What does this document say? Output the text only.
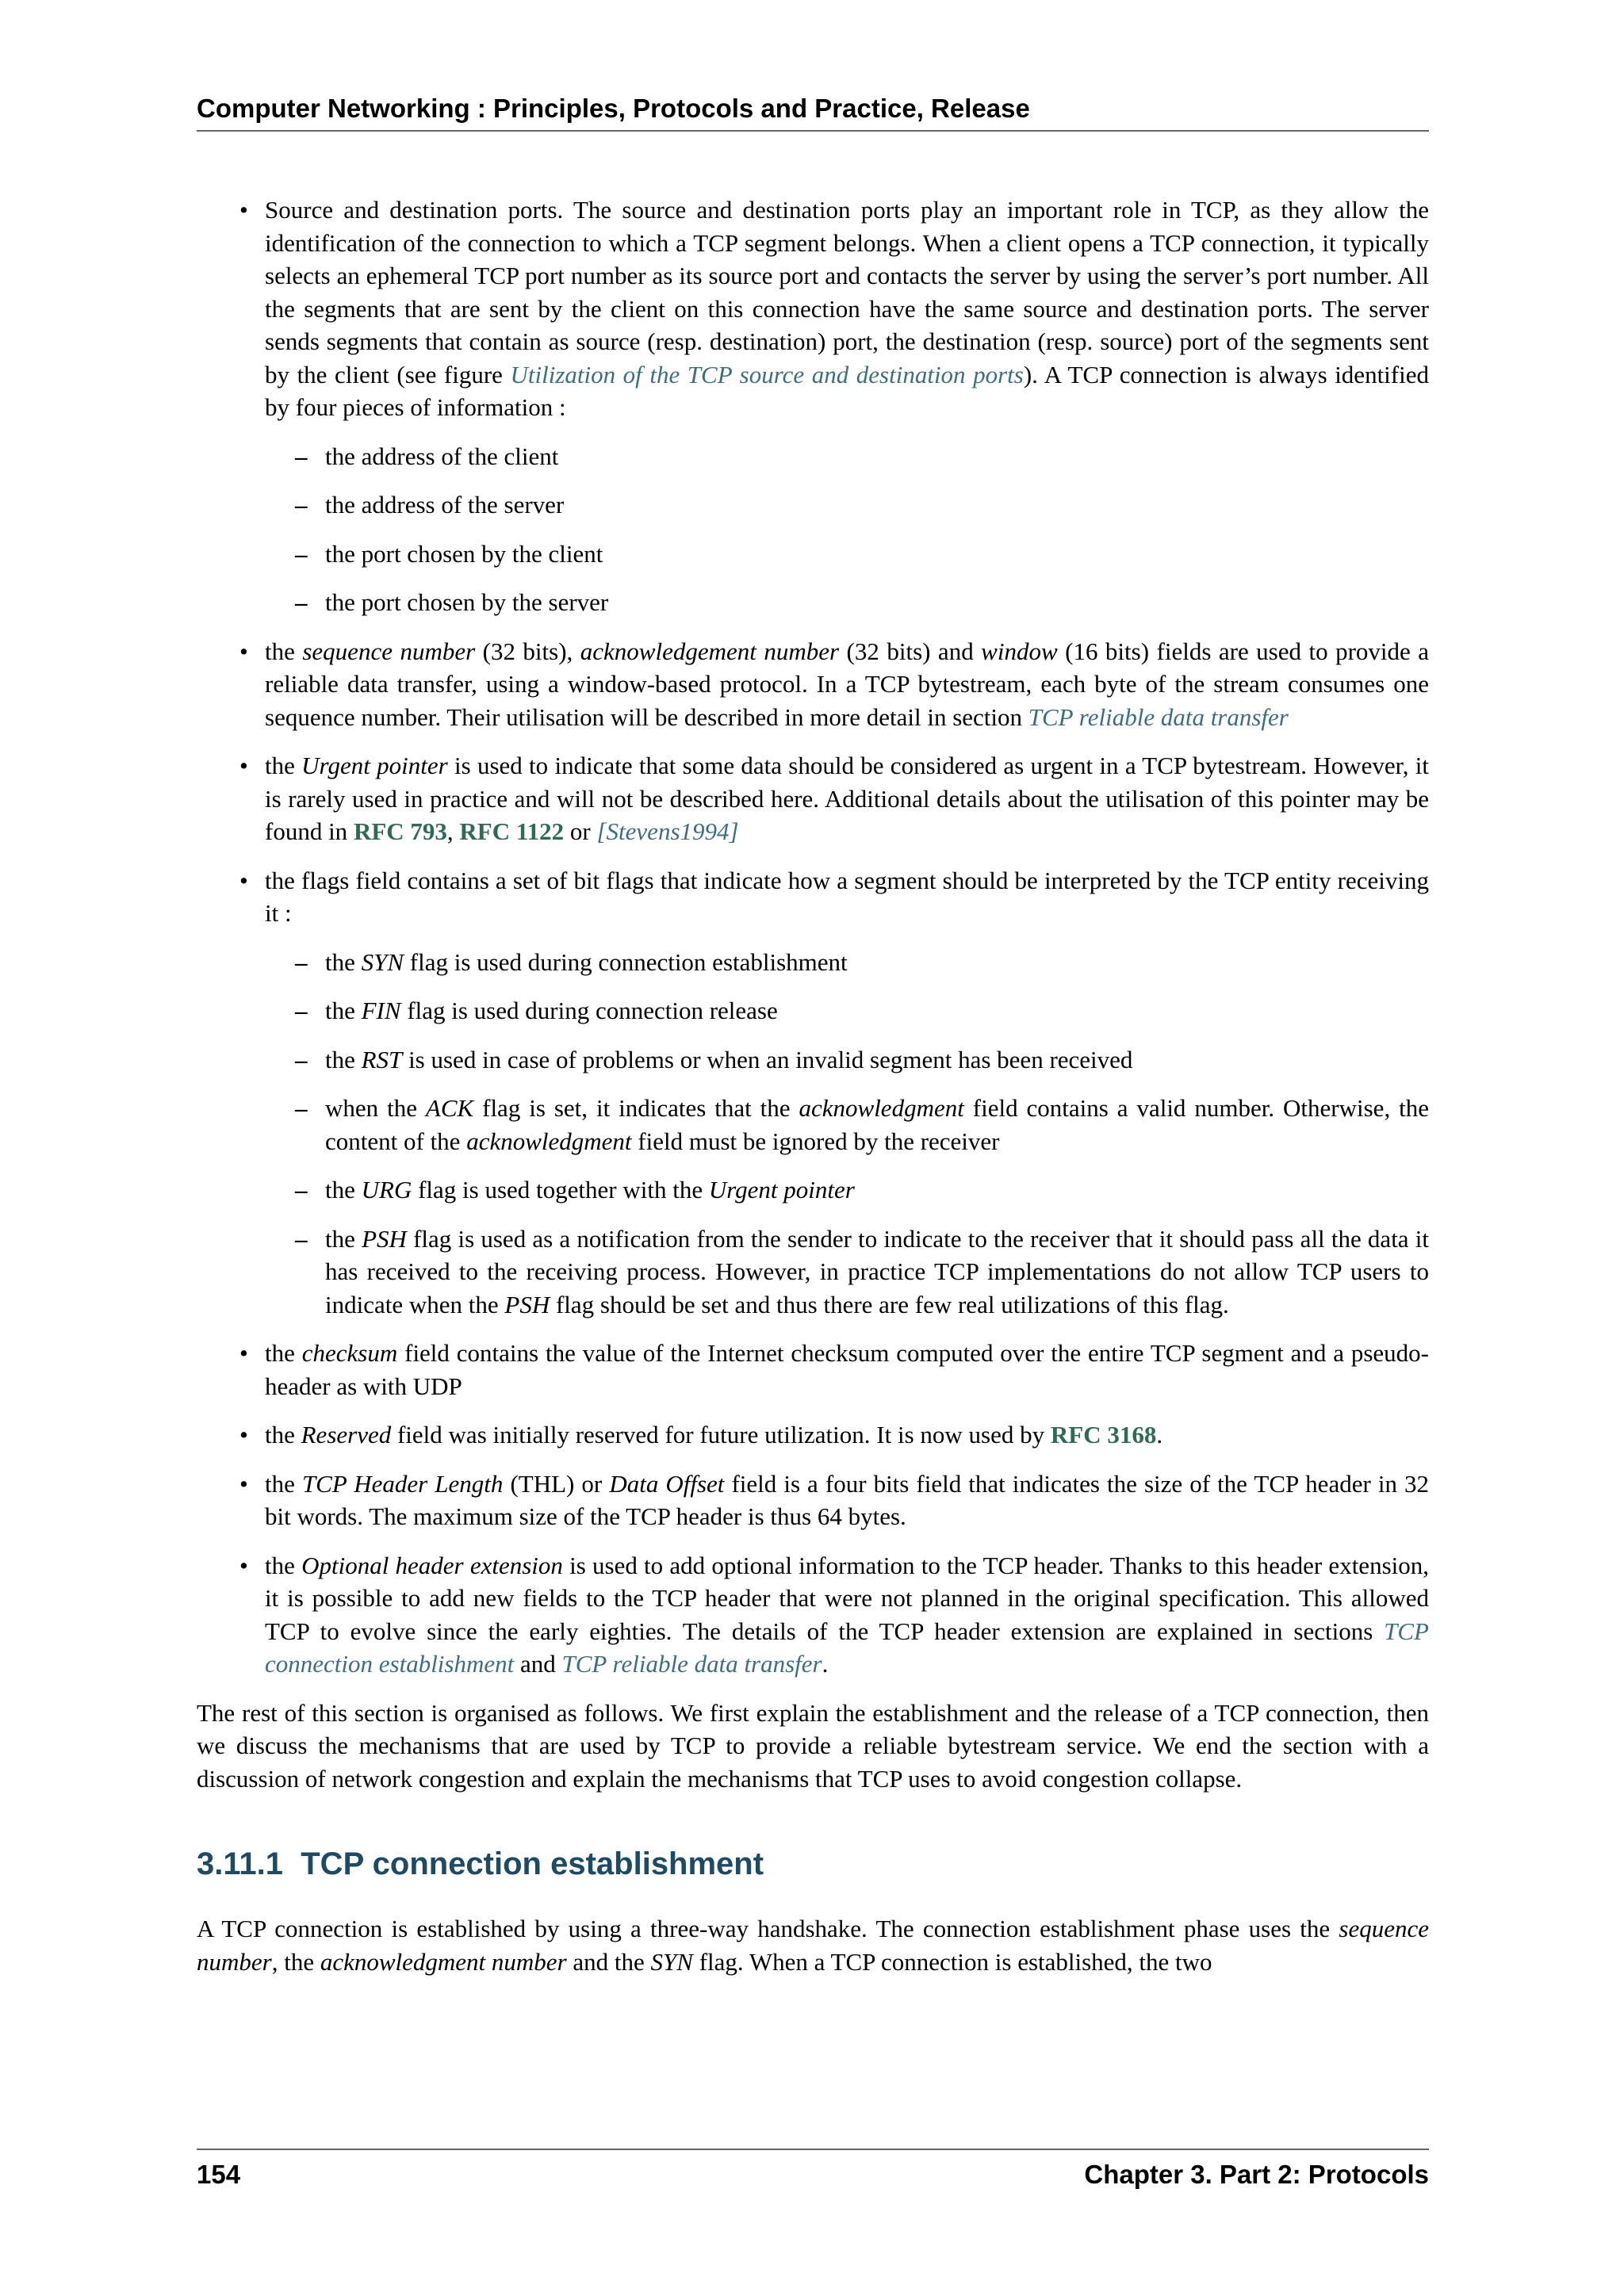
Computer Networking : Principles, Protocols and Practice, Release
• Source and destination ports. The source and destination ports play an important role in TCP, as they allow the identification of the connection to which a TCP segment belongs. When a client opens a TCP connection, it typically selects an ephemeral TCP port number as its source port and contacts the server by using the server’s port number. All the segments that are sent by the client on this connection have the same source and destination ports. The server sends segments that contain as source (resp. destination) port, the destination (resp. source) port of the segments sent by the client (see figure Utilization of the TCP source and destination ports). A TCP connection is always identified by four pieces of information :
– the address of the client
– the address of the server
– the port chosen by the client
– the port chosen by the server
• the sequence number (32 bits), acknowledgement number (32 bits) and window (16 bits) fields are used to provide a reliable data transfer, using a window-based protocol. In a TCP bytestream, each byte of the stream consumes one sequence number. Their utilisation will be described in more detail in section TCP reliable data transfer
• the Urgent pointer is used to indicate that some data should be considered as urgent in a TCP bytestream. However, it is rarely used in practice and will not be described here. Additional details about the utilisation of this pointer may be found in RFC 793, RFC 1122 or [Stevens1994]
• the flags field contains a set of bit flags that indicate how a segment should be interpreted by the TCP entity receiving it :
– the SYN flag is used during connection establishment
– the FIN flag is used during connection release
– the RST is used in case of problems or when an invalid segment has been received
– when the ACK flag is set, it indicates that the acknowledgment field contains a valid number. Otherwise, the content of the acknowledgment field must be ignored by the receiver
– the URG flag is used together with the Urgent pointer
– the PSH flag is used as a notification from the sender to indicate to the receiver that it should pass all the data it has received to the receiving process. However, in practice TCP implementations do not allow TCP users to indicate when the PSH flag should be set and thus there are few real utilizations of this flag.
• the checksum field contains the value of the Internet checksum computed over the entire TCP segment and a pseudo-header as with UDP
• the Reserved field was initially reserved for future utilization. It is now used by RFC 3168.
• the TCP Header Length (THL) or Data Offset field is a four bits field that indicates the size of the TCP header in 32 bit words. The maximum size of the TCP header is thus 64 bytes.
• the Optional header extension is used to add optional information to the TCP header. Thanks to this header extension, it is possible to add new fields to the TCP header that were not planned in the original specification. This allowed TCP to evolve since the early eighties. The details of the TCP header extension are explained in sections TCP connection establishment and TCP reliable data transfer.

The rest of this section is organised as follows. We first explain the establishment and the release of a TCP connection, then we discuss the mechanisms that are used by TCP to provide a reliable bytestream service. We end the section with a discussion of network congestion and explain the mechanisms that TCP uses to avoid congestion collapse.

3.11.1 TCP connection establishment

A TCP connection is established by using a three-way handshake. The connection establishment phase uses the sequence number, the acknowledgment number and the SYN flag. When a TCP connection is established, the two

154	Chapter 3. Part 2: Protocols
